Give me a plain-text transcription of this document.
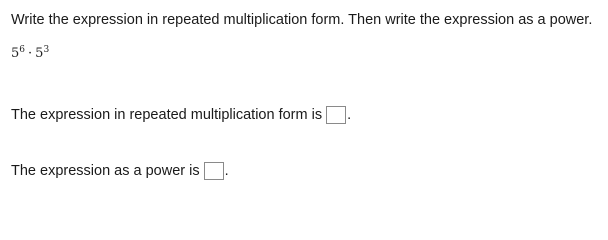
Write the expression in repeated multiplication form. Then write the expression as a power.
$5^6 \cdot 5^3$
The expression in repeated multiplication form is .
The expression as a power is .
